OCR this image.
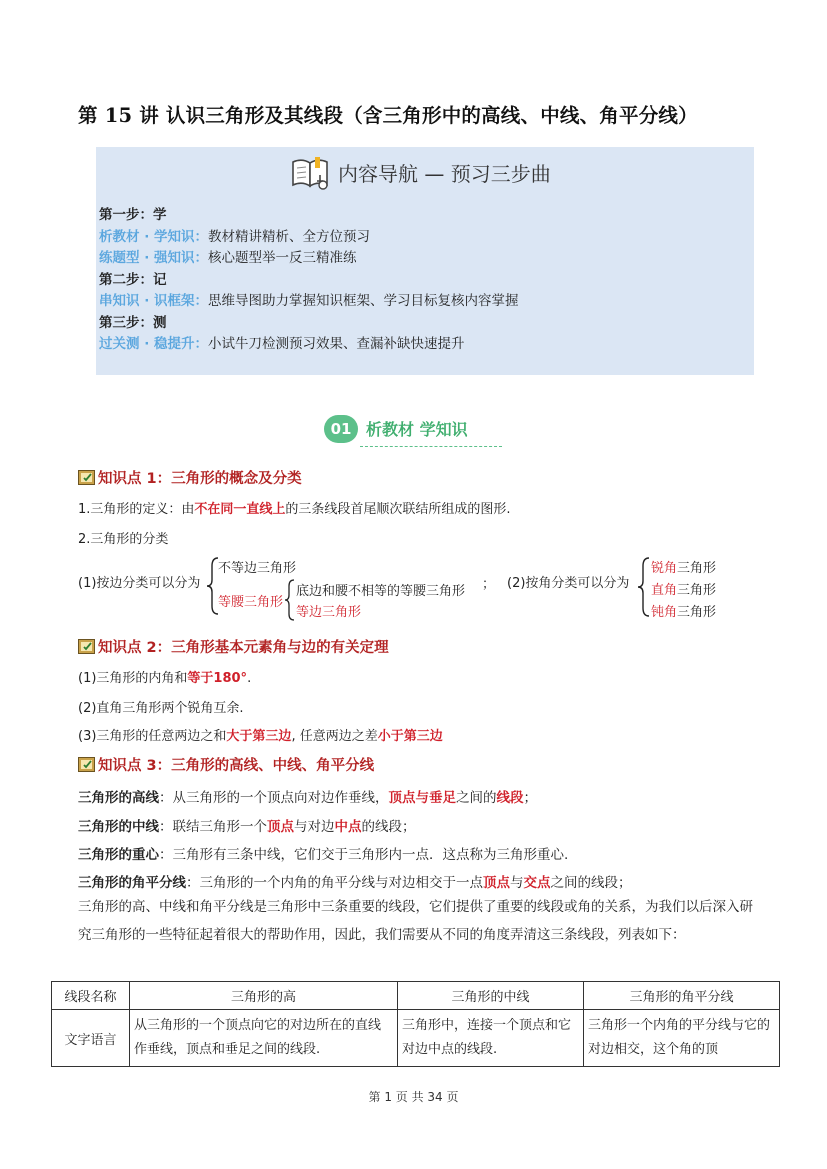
第 15 讲 认识三角形及其线段（含三角形中的高线、中线、角平分线）
内容导航 — 预习三步曲
第一步：学
析教材 · 学知识：教材精讲精析、全方位预习
练题型 · 强知识：核心题型举一反三精准练
第二步：记
串知识 · 识框架：思维导图助力掌握知识框架、学习目标复核内容掌握
第三步：测
过关测 · 稳提升：小试牛刀检测预习效果、查漏补缺快速提升
01 析教材 学知识
知识点 1：三角形的概念及分类
1.三角形的定义：由不在同一直线上的三条线段首尾顺次联结所组成的图形.
2.三角形的分类
(1)按边分类可以分为
不等边三角形
等腰三角形
底边和腰不相等的等腰三角形
等边三角形
； (2)按角分类可以分为
锐角三角形
直角三角形
钝角三角形
知识点 2：三角形基本元素角与边的有关定理
(1)三角形的内角和等于180°.
(2)直角三角形两个锐角互余.
(3)三角形的任意两边之和大于第三边, 任意两边之差小于第三边
知识点 3：三角形的高线、中线、角平分线
三角形的高线：从三角形的一个顶点向对边作垂线，顶点与垂足之间的线段；
三角形的中线：联结三角形一个顶点与对边中点的线段；
三角形的重心：三角形有三条中线，它们交于三角形内一点．这点称为三角形重心.
三角形的角平分线：三角形的一个内角的角平分线与对边相交于一点顶点与交点之间的线段；
三角形的高、中线和角平分线是三角形中三条重要的线段，它们提供了重要的线段或角的关系，为我们以后深入研究三角形的一些特征起着很大的帮助作用，因此，我们需要从不同的角度弄清这三条线段，列表如下：
线段名称	三角形的高	三角形的中线	三角形的角平分线
文字语言	从三角形的一个顶点向它的对边所在的直线作垂线，顶点和垂足之间的线段.	三角形中，连接一个顶点和它对边中点的线段.	三角形一个内角的平分线与它的对边相交，这个角的顶
第 1 页 共 34 页
